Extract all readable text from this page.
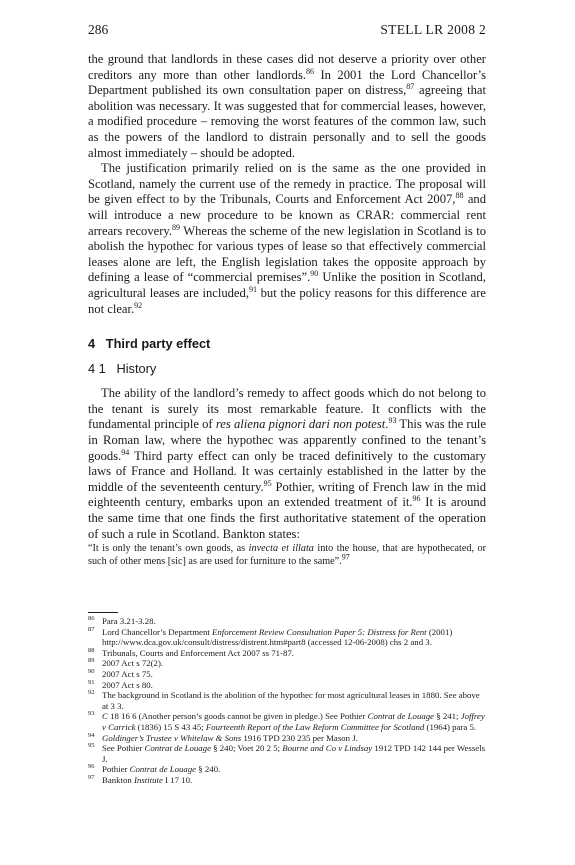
286	STELL LR 2008 2

the ground that landlords in these cases did not deserve a priority over other creditors any more than other landlords.$^{86}$ In 2001 the Lord Chancellor’s Department published its own consultation paper on distress,$^{87}$ agreeing that abolition was necessary. It was suggested that for commercial leases, however, a modified procedure – removing the worst features of the common law, such as the powers of the landlord to distrain personally and to sell the goods almost immediately – should be adopted.

The justification primarily relied on is the same as the one provided in Scotland, namely the current use of the remedy in practice. The proposal will be given effect to by the Tribunals, Courts and Enforcement Act 2007,88 and will introduce a new procedure to be known as CRAR: commercial rent arrears recovery.$^{89}$ Whereas the scheme of the new legislation in Scotland is to abolish the hypothec for various types of lease so that effectively commercial leases alone are left, the English legislation takes the opposite approach by defining a lease of “commercial premises”.$^{90}$ Unlike the position in Scotland, agricultural leases are included,$^{91}$ but the policy reasons for this difference are not clear.$^{92}$

4 Third party effect
4 1 History

The ability of the landlord’s remedy to affect goods which do not belong to the tenant is surely its most remarkable feature. It conflicts with the fundamental principle of res aliena pignori dari non potest.$^{93}$ This was the rule in Roman law, where the hypothec was apparently confined to the tenant’s goods.$^{94}$ Third party effect can only be traced definitively to the customary laws of France and Holland. It was certainly established in the latter by the middle of the seventeenth century.$^{95}$ Pothier, writing of French law in the mid eighteenth century, embarks upon an extended treatment of it.$^{96}$ It is around the same time that one finds the first authoritative statement of the operation of such a rule in Scotland. Bankton states:

“It is only the tenant’s own goods, as invecta et illata into the house, that are hypothecated, or such of other mens [sic] as are used for furniture to the same”.$^{97}$

86 Para 3.21-3.28.
87 Lord Chancellor’s Department Enforcement Review Consultation Paper 5: Distress for Rent (2001) http://www.dca.gov.uk/consult/distress/distrent.htm#part8 (accessed 12-06-2008) chs 2 and 3.
88 Tribunals, Courts and Enforcement Act 2007 ss 71-87.
89 2007 Act s 72(2).
90 2007 Act s 75.
91 2007 Act s 80.
92 The background in Scotland is the abolition of the hypothec for most agricultural leases in 1880. See above at 3 3.
93 C 18 16 6 (Another person’s goods cannot be given in pledge.) See Pothier Contrat de Louage § 241; Joffrey v Carrick (1836) 15 S 43 45; Fourteenth Report of the Law Reform Committee for Scotland (1964) para 5.
94 Goldinger’s Trustee v Whitelaw & Sons 1916 TPD 230 235 per Mason J.
95 See Pothier Contrat de Louage § 240; Voet 20 2 5; Bourne and Co v Lindsay 1912 TPD 142 144 per Wessels J.
96 Pothier Contrat de Louage § 240.
97 Bankton Institute I 17 10.
